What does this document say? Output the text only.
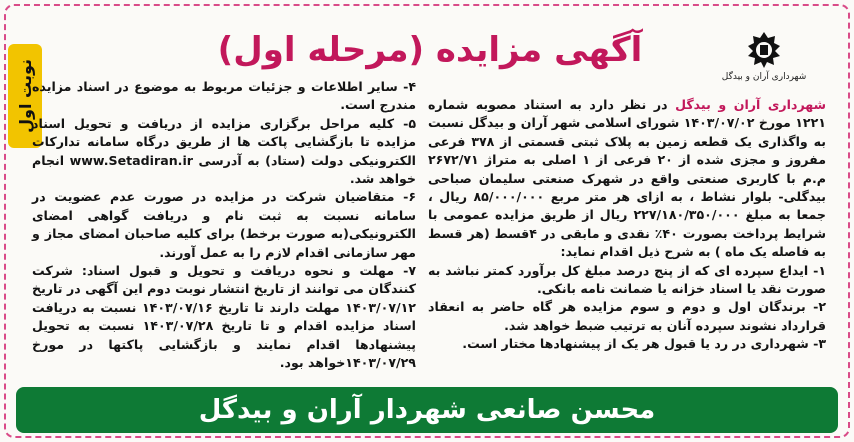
نوبت اول	شهرداری آران و بیدگل
آگهی مزایده (مرحله اول)

شهرداری آران و بیدگل در نظر دارد به استناد مصوبه شماره ۱۲۲۱ مورخ ۱۴۰۳/۰۷/۰۲ شورای اسلامی شهر آران و بیدگل نسبت به واگذاری یک قطعه زمین به پلاک ثبتی قسمتی از ۳۷۸ فرعی مفروز و مجزی شده از ۲۰ فرعی از ۱ اصلی به متراژ ۲۶۷۲/۷۱ م.م با کاربری صنعتی واقع در شهرک صنعتی سلیمان صباحی بیدگلی- بلوار نشاط ، به ازای هر متر مربع ۸۵/۰۰۰/۰۰۰ ریال ، جمعا به مبلغ ۲۲۷/۱۸۰/۳۵۰/۰۰۰ ریال از طریق مزایده عمومی با شرایط پرداخت بصورت ۴۰٪ نقدی و مابقی در ۴قسط (هر قسط به فاصله یک ماه ) به شرح ذیل اقدام نماید:

۱- ایداع سپرده ای که از پنج درصد مبلغ کل برآورد کمتر نباشد به صورت نقد یا اسناد خزانه یا ضمانت نامه بانکی.

۲- برندگان اول و دوم و سوم مزایده هر گاه حاضر به انعقاد قرارداد نشوند سپرده آنان به ترتیب ضبط خواهد شد.

۳- شهرداری در رد یا قبول هر یک از پیشنهادها مختار است.

۴- سایر اطلاعات و جزئیات مربوط به موضوع در اسناد مزایده مندرج است.

۵- کلیه مراحل برگزاری مزایده از دریافت و تحویل اسناد مزایده تا بازگشایی پاکت ها از طریق درگاه سامانه تدارکات الکترونیکی دولت (ستاد) به آدرسی www.Setadiran.ir انجام خواهد شد.

۶- متقاضیان شرکت در مزایده در صورت عدم عضویت در سامانه نسبت به ثبت نام و دریافت گواهی امضای الکترونیکی(به صورت برخط) برای کلیه صاحبان امضای مجاز و مهر سازمانی اقدام لازم را به عمل آورند.

۷- مهلت و نحوه دریافت و تحویل و قبول اسناد: شرکت کنندگان می توانند از تاریخ انتشار نوبت دوم این آگهی در تاریخ ۱۴۰۳/۰۷/۱۲ مهلت دارند تا تاریخ ۱۴۰۳/۰۷/۱۶ نسبت به دریافت اسناد مزایده اقدام و تا تاریخ ۱۴۰۳/۰۷/۲۸ نسبت به تحویل پیشنهادها اقدام نمایند و بازگشایی پاکتها در مورخ ۱۴۰۳/۰۷/۲۹خواهد بود.

محسن صانعی شهردار آران و بیدگل
